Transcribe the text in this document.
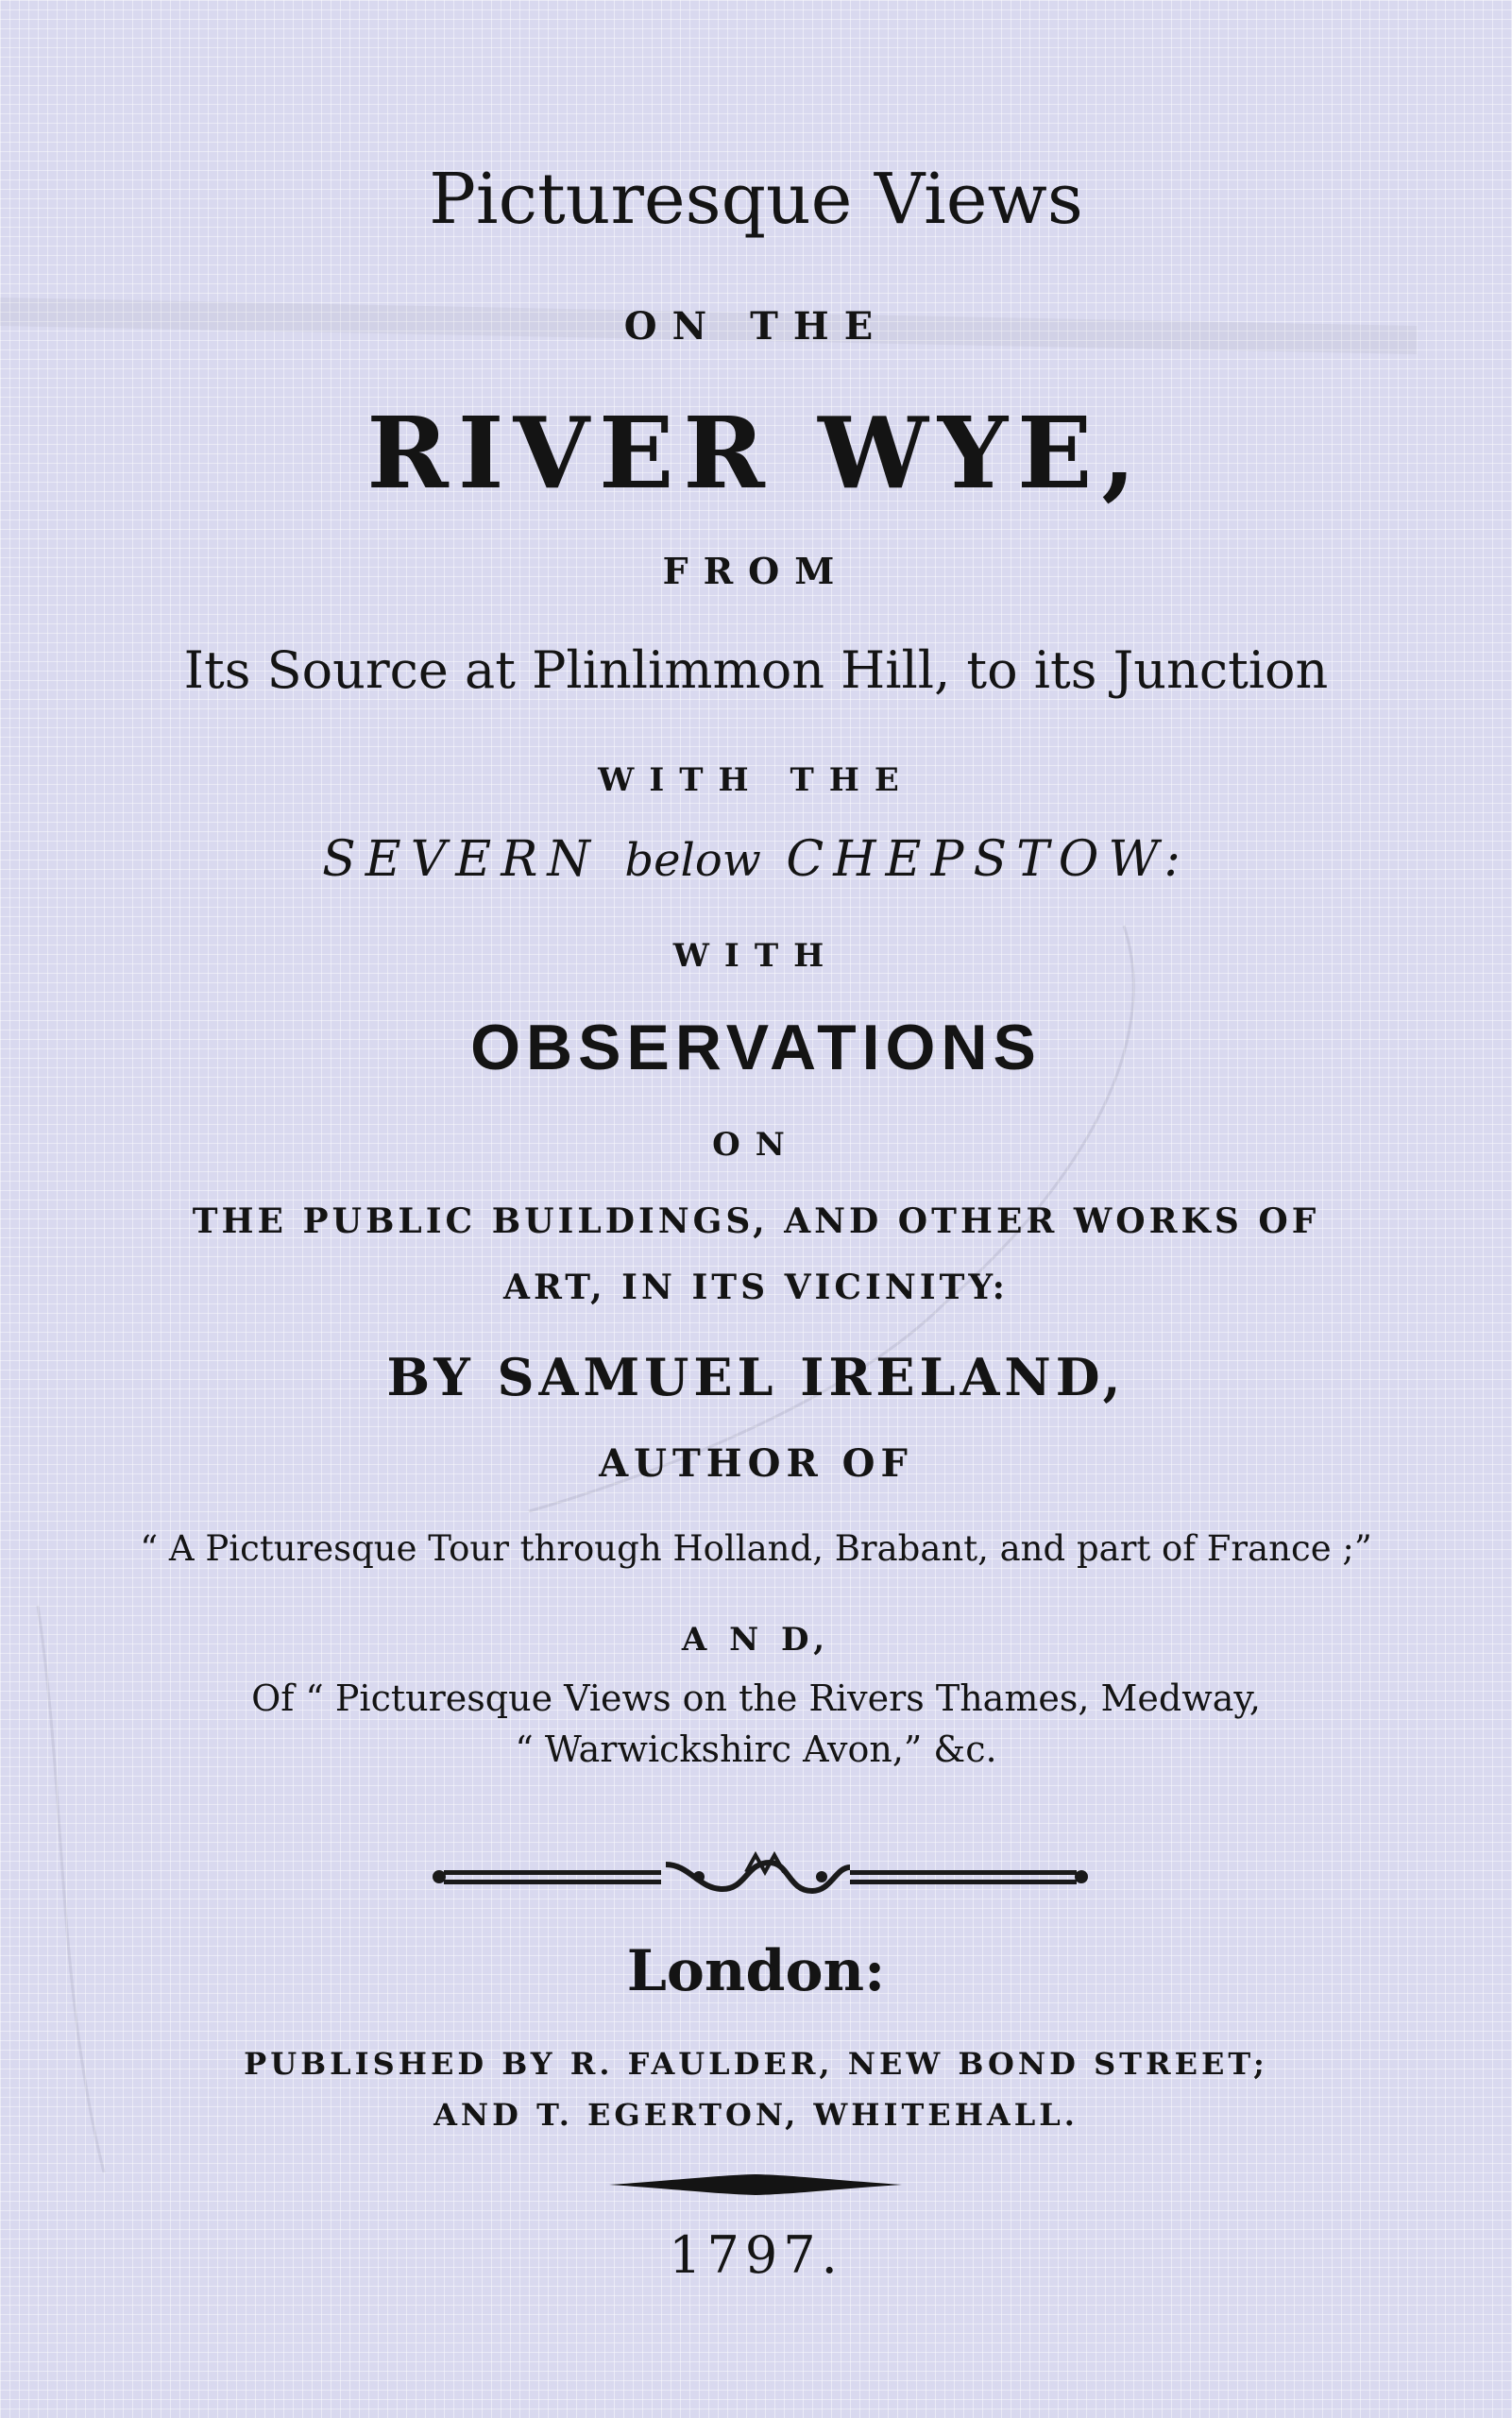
Picturesque Views
ON THE
RIVER WYE,
FROM
Its Source at Plinlimmon Hill, to its Junction
WITH THE
SEVERN below CHEPSTOW:
WITH
OBSERVATIONS
ON
THE PUBLIC BUILDINGS, AND OTHER WORKS OF
ART, IN ITS VICINITY:
BY SAMUEL IRELAND,
AUTHOR OF
“ A Picturesque Tour through Holland, Brabant, and part of France ;”
A N D,
Of “ Picturesque Views on the Rivers Thames, Medway,
“ Warwickshirc Avon,” &c.
London:
PUBLISHED BY R. FAULDER, NEW BOND STREET;
AND T. EGERTON, WHITEHALL.
1797.
